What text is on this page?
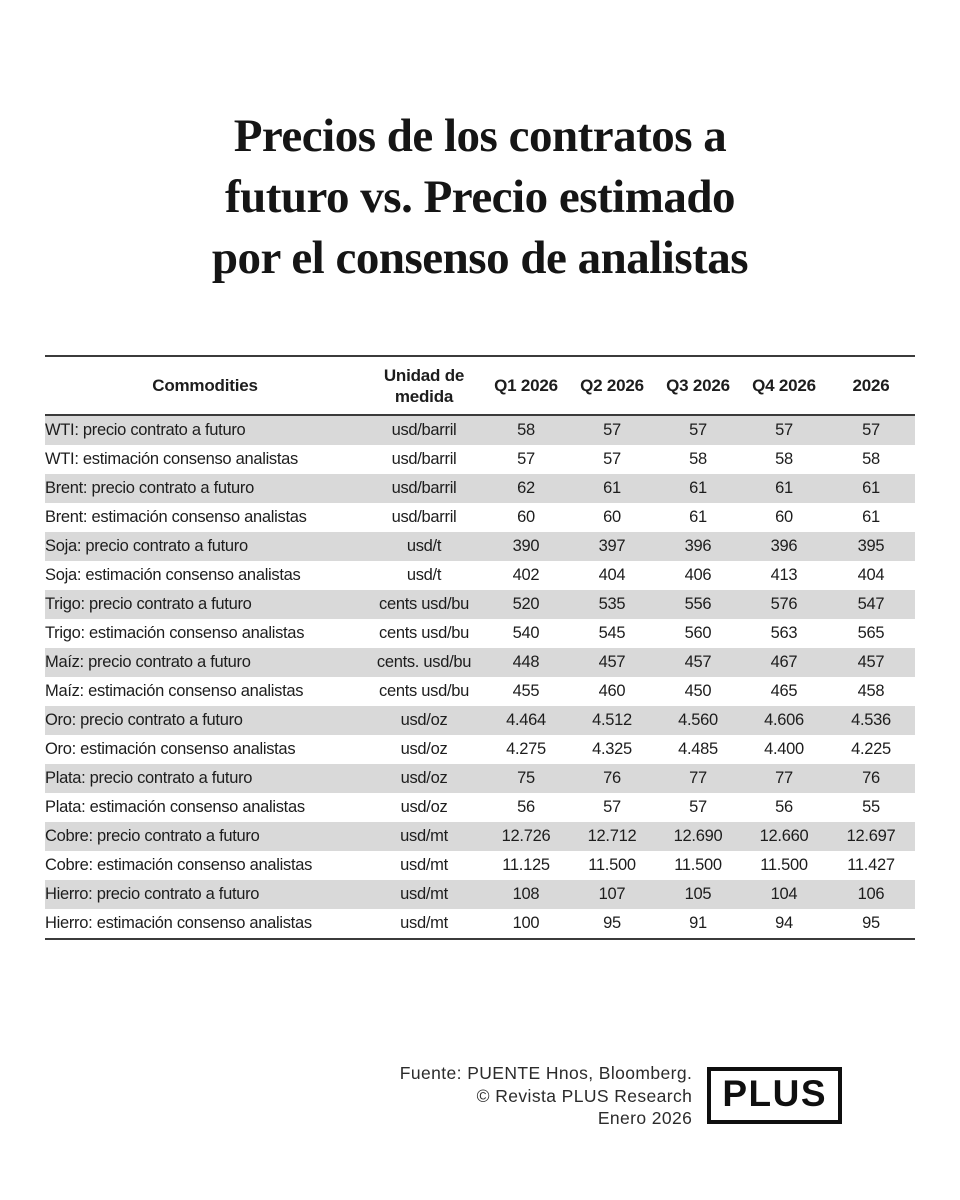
Precios de los contratos a
futuro vs. Precio estimado
por el consenso de analistas
Commodities	Unidad de medida	Q1 2026	Q2 2026	Q3 2026	Q4 2026	2026
WTI: precio contrato a futuro	usd/barril	58	57	57	57	57
WTI: estimación consenso analistas	usd/barril	57	57	58	58	58
Brent: precio contrato a futuro	usd/barril	62	61	61	61	61
Brent: estimación consenso analistas	usd/barril	60	60	61	60	61
Soja: precio contrato a futuro	usd/t	390	397	396	396	395
Soja: estimación consenso analistas	usd/t	402	404	406	413	404
Trigo: precio contrato a futuro	cents usd/bu	520	535	556	576	547
Trigo: estimación consenso analistas	cents usd/bu	540	545	560	563	565
Maíz: precio contrato a futuro	cents. usd/bu	448	457	457	467	457
Maíz: estimación consenso analistas	cents usd/bu	455	460	450	465	458
Oro: precio contrato a futuro	usd/oz	4.464	4.512	4.560	4.606	4.536
Oro: estimación consenso analistas	usd/oz	4.275	4.325	4.485	4.400	4.225
Plata: precio contrato a futuro	usd/oz	75	76	77	77	76
Plata: estimación consenso analistas	usd/oz	56	57	57	56	55
Cobre: precio contrato a futuro	usd/mt	12.726	12.712	12.690	12.660	12.697
Cobre: estimación consenso analistas	usd/mt	11.125	11.500	11.500	11.500	11.427
Hierro: precio contrato a futuro	usd/mt	108	107	105	104	106
Hierro: estimación consenso analistas	usd/mt	100	95	91	94	95
Fuente: PUENTE Hnos, Bloomberg.
© Revista PLUS Research
Enero 2026
PLUS
